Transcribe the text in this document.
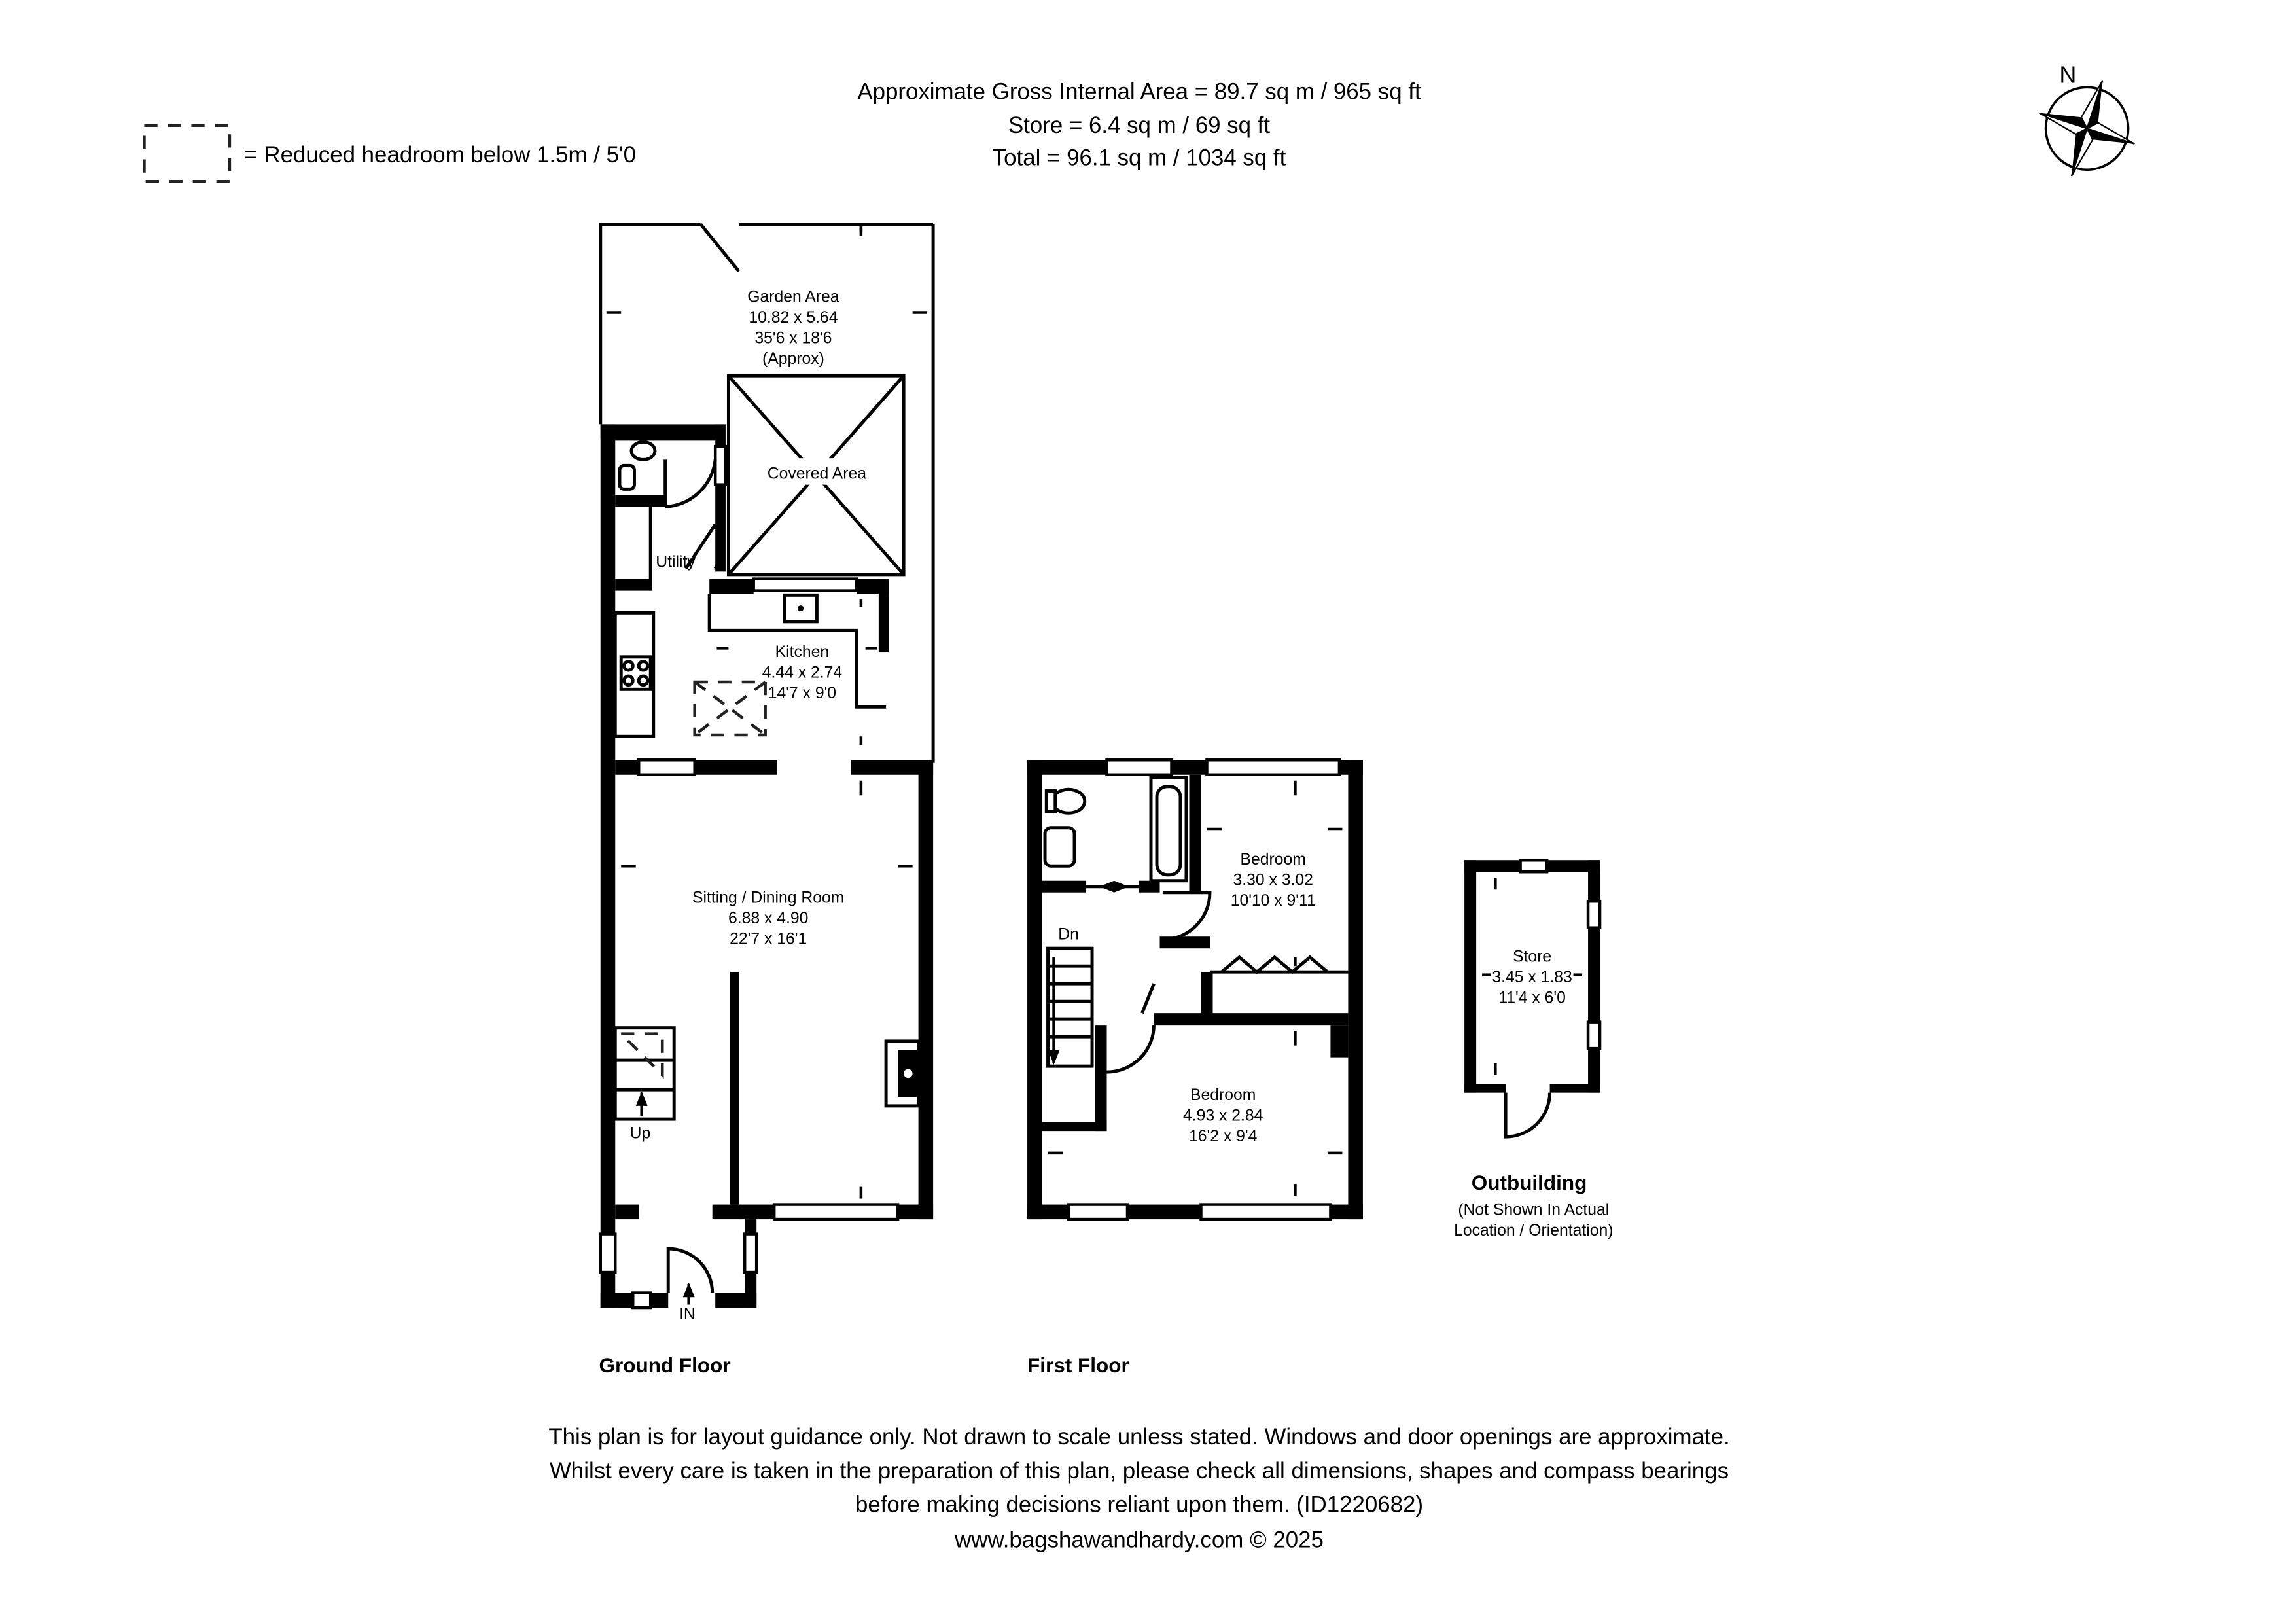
Approximate Gross Internal Area = 89.7 sq m / 965 sq ft
Store = 6.4 sq m / 69 sq ft
Total = 96.1 sq m / 1034 sq ft
= Reduced headroom below 1.5m / 5'0
N
Garden Area
10.82 x 5.64
35'6 x 18'6
(Approx)
Covered Area
Utility
Kitchen
4.44 x 2.74
14'7 x 9'0
Sitting / Dining Room
6.88 x 4.90
22'7 x 16'1
Up
IN
Ground Floor
Bedroom
3.30 x 3.02
10'10 x 9'11
Dn
Bedroom
4.93 x 2.84
16'2 x 9'4
First Floor
Store
3.45 x 1.83
11'4 x 6'0
Outbuilding
(Not Shown In Actual
Location / Orientation)
This plan is for layout guidance only. Not drawn to scale unless stated. Windows and door openings are approximate.
Whilst every care is taken in the preparation of this plan, please check all dimensions, shapes and compass bearings
before making decisions reliant upon them. (ID1220682)
www.bagshawandhardy.com © 2025
